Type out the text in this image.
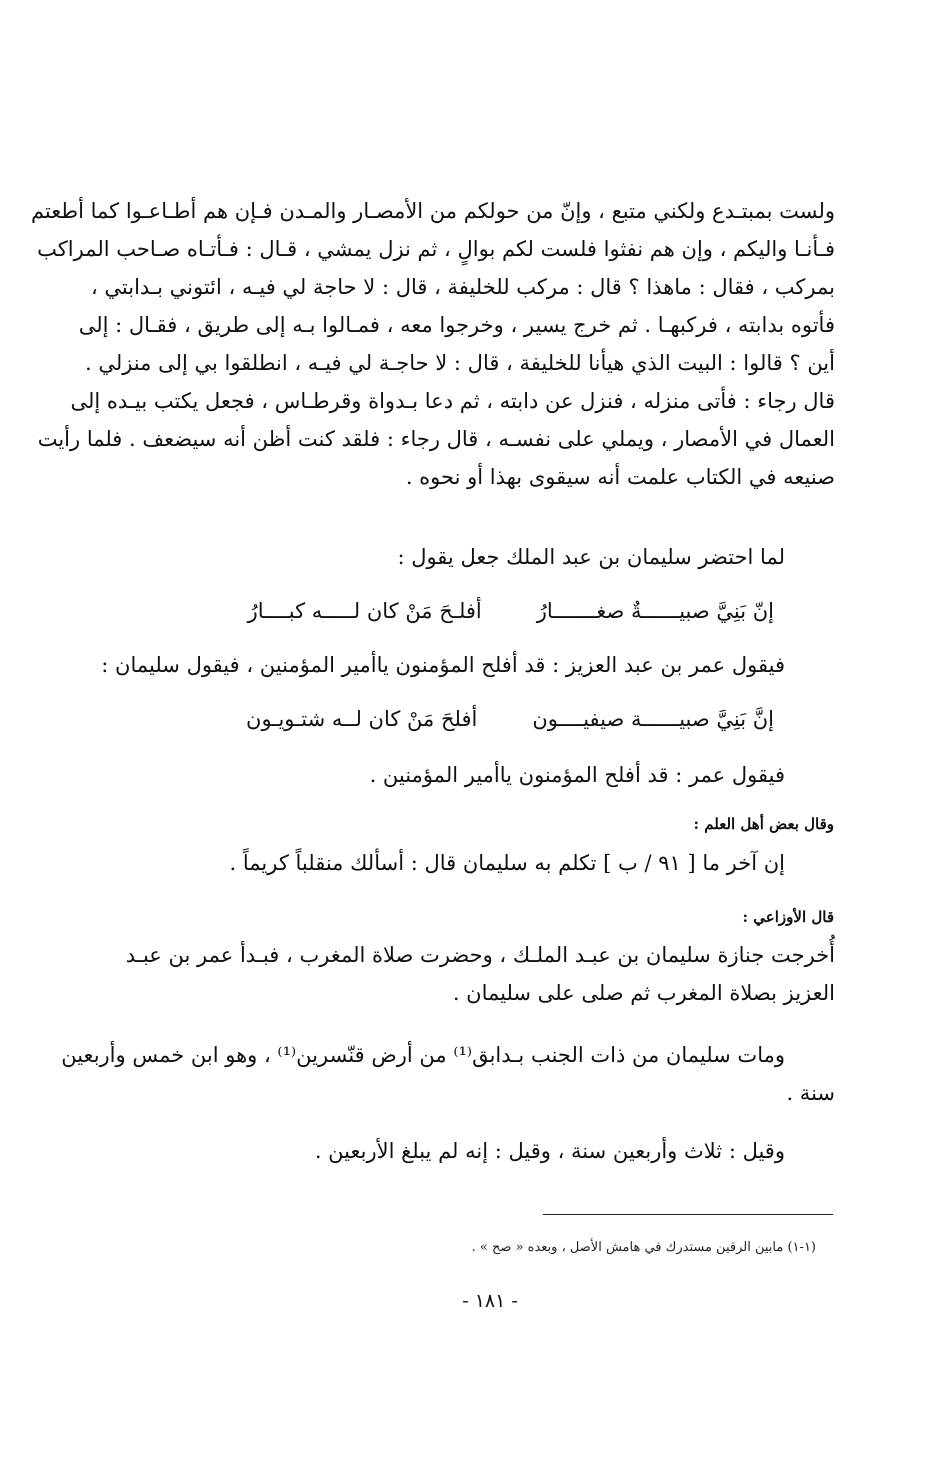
ولست بمبتـدع ولكني متبع ، وإنّ من حولكم من الأمصـار والمـدن فـإن هم أطـاعـوا كما أطعتم
فـأنـا واليكم ، وإن هم نفثوا فلست لكم بوالٍ ، ثم نزل يمشي ، قـال : فـأتـاه صـاحب المراكب
بمركب ، فقال : ماهذا ؟ قال : مركب للخليفة ، قال : لا حاجة لي فيـه ، ائتوني بـدابتي ،
فأتوه بدابته ، فركبهـا . ثم خرج يسير ، وخرجوا معه ، فمـالوا بـه إلى طريق ، فقـال : إلى
أين ؟ قالوا : البيت الذي هيأنا للخليفة ، قال : لا حاجـة لي فيـه ، انطلقوا بي إلى منزلي .
قال رجاء : فأتى منزله ، فنزل عن دابته ، ثم دعا بـدواة وقرطـاس ، فجعل يكتب بيـده إلى
العمال في الأمصار ، ويملي على نفسـه ، قال رجاء : فلقد كنت أظن أنه سيضعف . فلما رأيت
صنيعه في الكتاب علمت أنه سيقوى بهذا أو نحوه .
لما احتضر سليمان بن عبد الملك جعل يقول :
إنّ بَنِيَّ صبيــــــةٌ صغـــــــارُ
أفلـحَ مَنْ كان لـــــه كبــــارُ
فيقول عمر بن عبد العزيز : قد أفلح المؤمنون ياأمير المؤمنين ، فيقول سليمان :
إنَّ بَنِيَّ صبيــــــة صيفيــــون
أفلحَ مَنْ كان لــه شتـويـون
فيقول عمر : قد أفلح المؤمنون ياأمير المؤمنين .
وقال بعض أهل العلم :
إن آخر ما [ ٩١ / ب ] تكلم به سليمان قال : أسألك منقلباً كريماً .
قال الأوزاعي :
أُخرجت جنازة سليمان بن عبـد الملـك ، وحضرت صلاة المغرب ، فبـدأ عمر بن عبـد
العزيز بصلاة المغرب ثم صلى على سليمان .
ومات سليمان من ذات الجنب بـدابق⁽¹⁾ من أرض قنّسرين⁽¹⁾ ، وهو ابن خمس وأربعين
سنة .
وقيل : ثلاث وأربعين سنة ، وقيل : إنه لم يبلغ الأربعين .
(١-١) مابين الرقين مستدرك في هامش الأصل ، وبعده « صح » .
- ١٨١ -
